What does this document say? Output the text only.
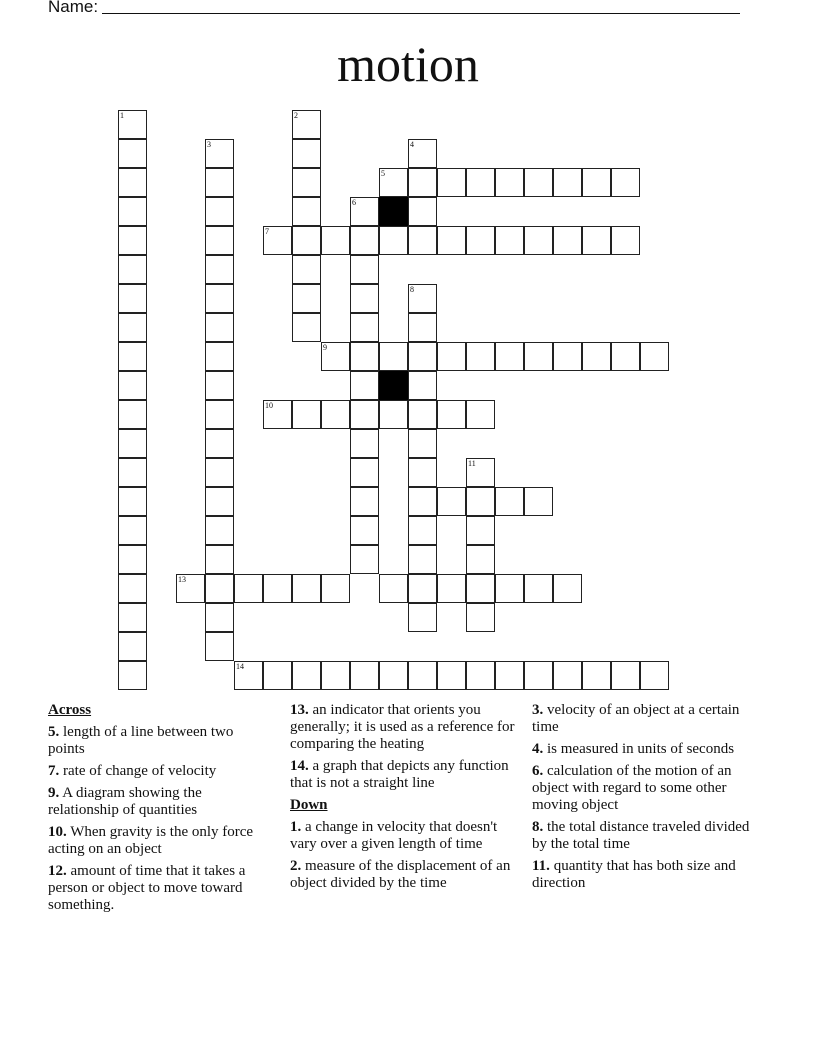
Name:
motion
1	2
3	4
5
6
7
8
9
10
11
13
14
Across
5. length of a line between two points
7. rate of change of velocity
9. A diagram showing the relationship of quantities
10. When gravity is the only force acting on an object
12. amount of time that it takes a person or object to move toward something.
13. an indicator that orients you generally; it is used as a reference for comparing the heating
14. a graph that depicts any function that is not a straight line
Down
1. a change in velocity that doesn't vary over a given length of time
2. measure of the displacement of an object divided by the time
3. velocity of an object at a certain time
4. is measured in units of seconds
6. calculation of the motion of an object with regard to some other moving object
8. the total distance traveled divided by the total time
11. quantity that has both size and direction
